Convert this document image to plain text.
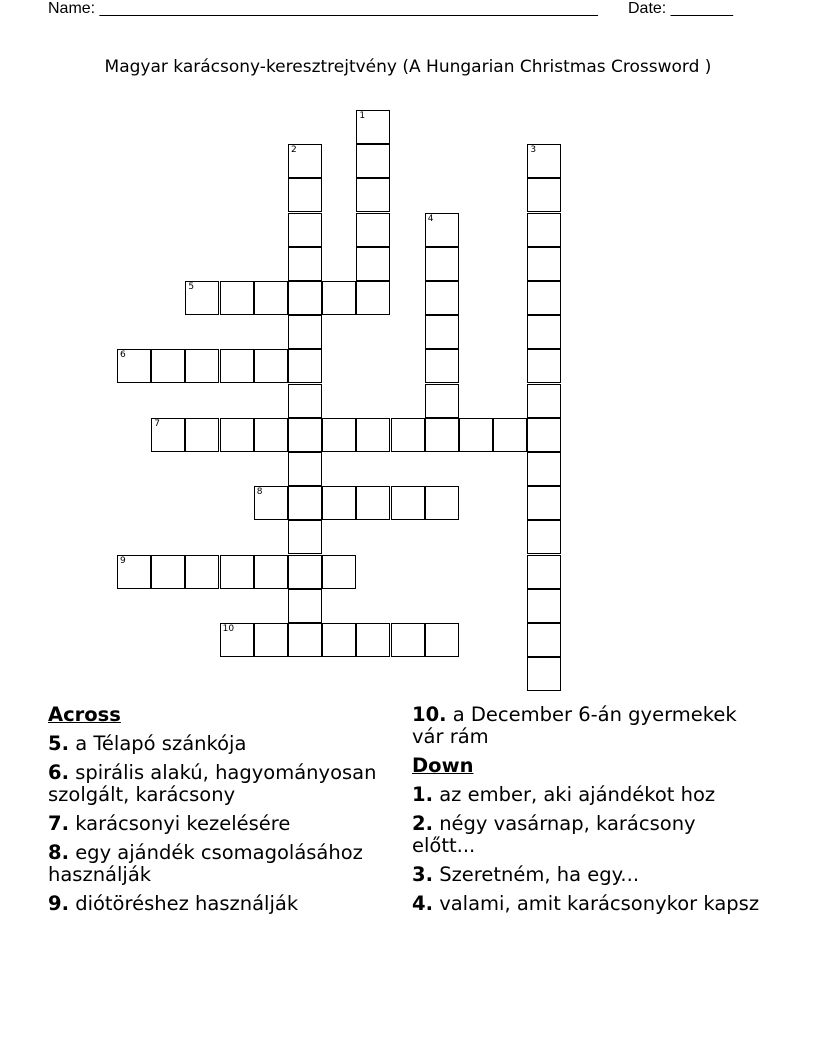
Name: ________________________________________________________ Date: _______
Magyar karácsony-keresztrejtvény (A Hungarian Christmas Crossword )
1
2	3
4
5
6
7
8
9
10
Across
5. a Télapó szánkója
6. spirális alakú, hagyományosan szolgált, karácsony
7. karácsonyi kezelésére
8. egy ajándék csomagolásához használják
9. diótöréshez használják
10. a December 6-án gyermekek vár rám
Down
1. az ember, aki ajándékot hoz
2. négy vasárnap, karácsony előtt...
3. Szeretném, ha egy...
4. valami, amit karácsonykor kapsz
